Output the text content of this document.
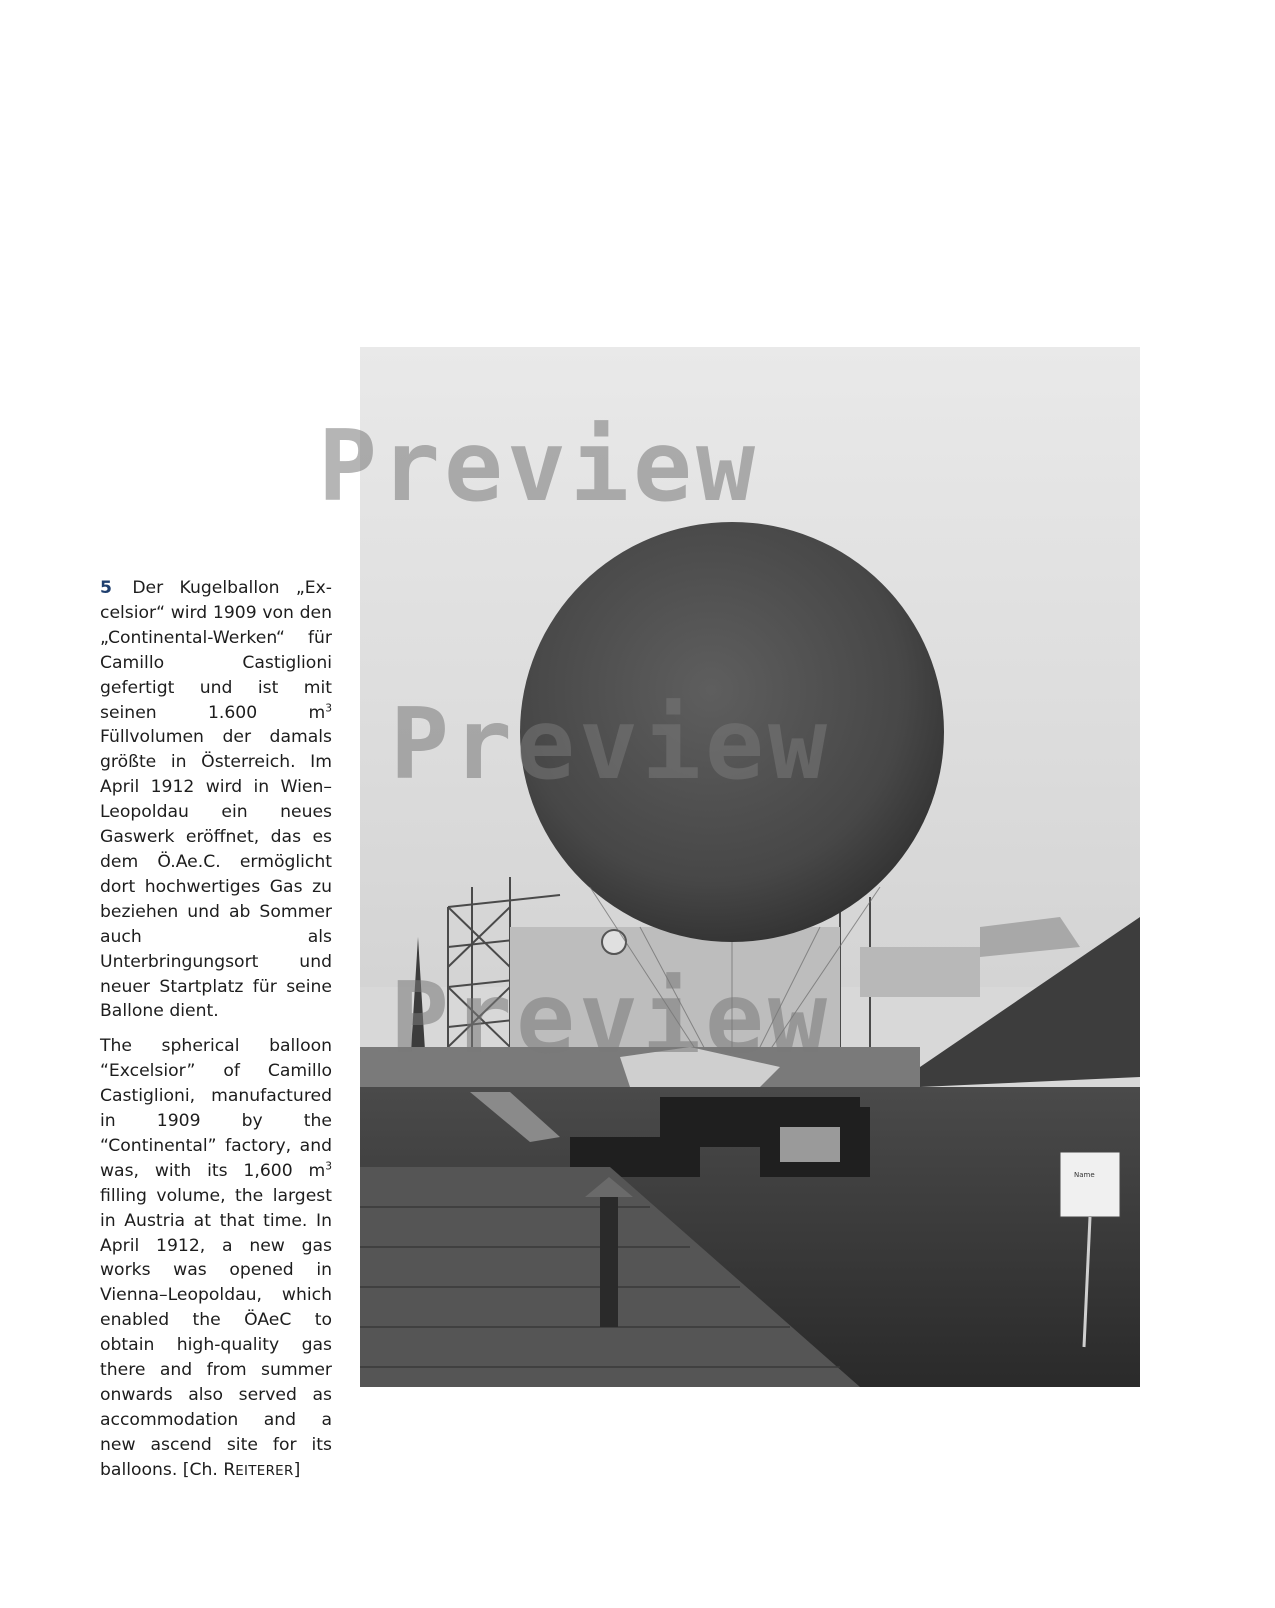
5 Der Kugelballon „Excelsior“ wird 1909 von den „Continental-Werken“ für Camillo Castiglioni gefertigt und ist mit seinen 1.600 $m^3$ Füllvolumen der damals größte in Österreich. Im April 1912 wird in Wien–Leopoldau ein neues Gaswerk eröffnet, das es dem Ö.Ae.C. ermöglicht dort hochwertiges Gas zu beziehen und ab Sommer auch als Unterbringungsort und neuer Startplatz für seine Ballone dient.

The spherical balloon “Excelsior” of Camillo Castiglioni, manufactured in 1909 by the “Continental” factory, and was, with its 1,600 $m^3$ filling volume, the largest in Austria at that time. In April 1912, a new gas works was opened in Vienna–Leopoldau, which enabled the ÖAeC to obtain high-quality gas there and from summer onwards also served as accommodation and a new ascend site for its balloons. [Ch. REITERER]

Name
Preview
Preview
Preview
